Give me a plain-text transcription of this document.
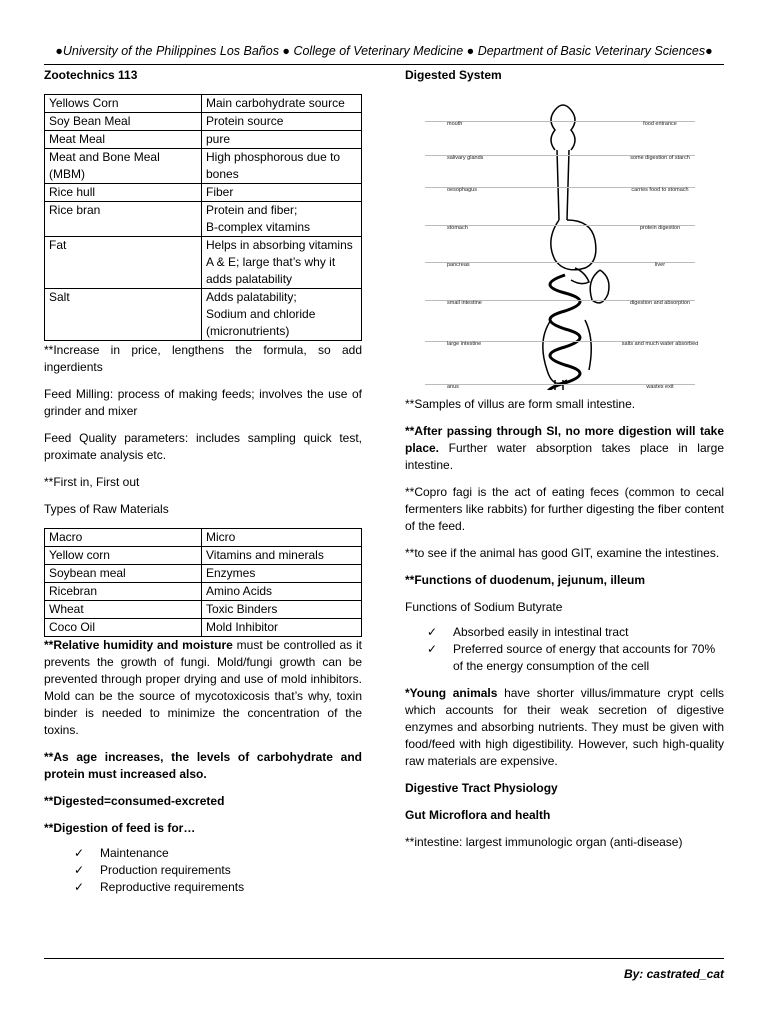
●University of the Philippines Los Baños ● College of Veterinary Medicine ● Department of Basic Veterinary Sciences●
Zootechnics 113
Yellows Corn	Main carbohydrate source
Soy Bean Meal	Protein source
Meat Meal	pure
Meat and Bone Meal (MBM)	High phosphorous due to bones
Rice hull	Fiber
Rice bran	Protein and fiber;
B-complex vitamins
Fat	Helps in absorbing vitamins A & E; large that’s why it adds palatability
Salt	Adds palatability;
Sodium and chloride (micronutrients)

**Increase in price, lengthens the formula, so add ingerdients

Feed Milling: process of making feeds; involves the use of grinder and mixer

Feed Quality parameters: includes sampling quick test, proximate analysis etc.

**First in, First out

Types of Raw Materials

Macro	Micro
Yellow corn	Vitamins and minerals
Soybean meal	Enzymes
Ricebran	Amino Acids
Wheat	Toxic Binders
Coco Oil	Mold Inhibitor

**Relative humidity and moisture must be controlled as it prevents the growth of fungi. Mold/fungi growth can be prevented through proper drying and use of mold inhibitors. Mold can be the source of mycotoxicosis that’s why, toxin binder is needed to minimize the concentration of the toxins.

**As age increases, the levels of carbohydrate and protein must increased also.

**Digested=consumed-excreted

**Digestion of feed is for…

✓	Maintenance
✓	Production requirements
✓	Reproductive requirements
Digested System
mouth	food entrance
salivary glands	some digestion of starch
oesophagus	carries food to stomach
stomach	protein digestion
pancreas	liver
small intestine	digestion and absorption
large intestine	salts and much water absorbed
anus	wastes exit

**Samples of villus are form small intestine.

**After passing through SI, no more digestion will take place. Further water absorption takes place in large intestine.

**Copro fagi is the act of eating feces (common to cecal fermenters like rabbits) for further digesting the fiber content of the feed.

**to see if the animal has good GIT, examine the intestines.

**Functions of duodenum, jejunum, illeum

Functions of Sodium Butyrate

✓	Absorbed easily in intestinal tract
✓	Preferred source of energy that accounts for 70% of the energy consumption of the cell

*Young animals have shorter villus/immature crypt cells which accounts for their weak secretion of digestive enzymes and absorbing nutrients. They must be given with food/feed with high digestibility. However, such high-quality raw materials are expensive.

Digestive Tract Physiology

Gut Microflora and health

**intestine: largest immunologic organ (anti-disease)

By: castrated_cat
